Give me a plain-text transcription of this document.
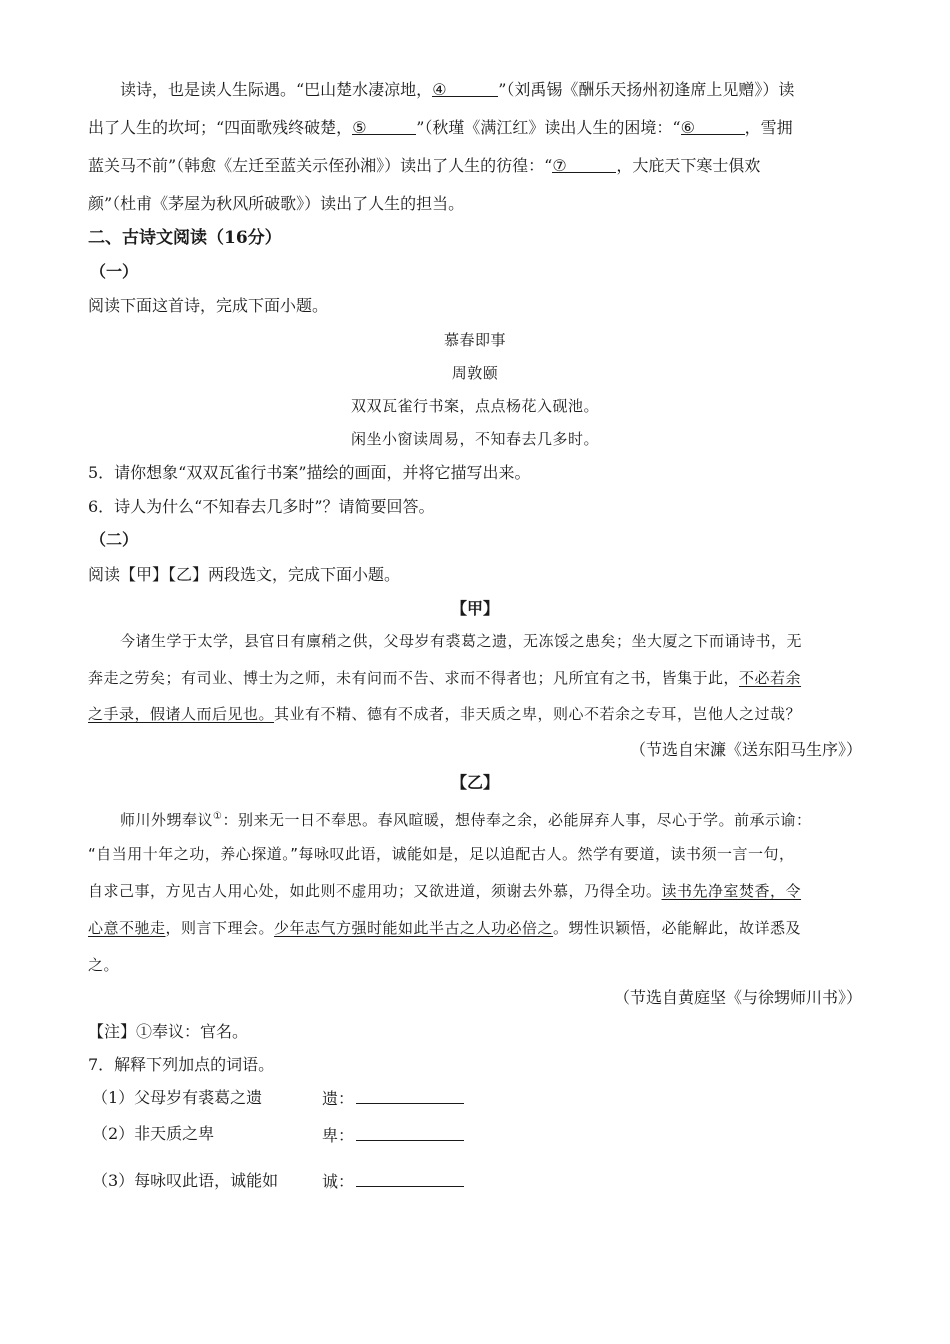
读诗，也是读人生际遇。“巴山楚水凄凉地，④	”（刘禹锡《酬乐天扬州初逢席上见赠》）读
出了人生的坎坷；“四面歌残终破楚，⑤	”（秋瑾《满江红》读出人生的困境：“⑥	，雪拥
蓝关马不前”（韩愈《左迁至蓝关示侄孙湘》）读出了人生的彷徨：“⑦	，大庇天下寒士俱欢
颜”（杜甫《茅屋为秋风所破歌》）读出了人生的担当。
二、古诗文阅读（16分）
（一）
阅读下面这首诗，完成下面小题。
慕春即事
周敦颐
双双瓦雀行书案，点点杨花入砚池。
闲坐小窗读周易，不知春去几多时。
5．请你想象“双双瓦雀行书案”描绘的画面，并将它描写出来。
6．诗人为什么“不知春去几多时”？请简要回答。
（二）
阅读【甲】【乙】两段选文，完成下面小题。
【甲】
今诸生学于太学，县官日有廪稍之供，父母岁有裘葛之遗，无冻馁之患矣；坐大厦之下而诵诗书，无
奔走之劳矣；有司业、博士为之师，未有问而不告、求而不得者也；凡所宜有之书，皆集于此，不必若余
之手录，假诸人而后见也。其业有不精、德有不成者，非天质之卑，则心不若余之专耳，岂他人之过哉？
（节选自宋濂《送东阳马生序》）
【乙】
师川外甥奉议①：别来无一日不奉思。春风暄暖，想侍奉之余，必能屏弃人事，尽心于学。前承示谕：
“自当用十年之功，养心探道。”每咏叹此语，诚能如是，足以追配古人。然学有要道，读书须一言一句，
自求己事，方见古人用心处，如此则不虚用功；又欲进道，须谢去外慕，乃得全功。读书先净室焚香，令
心意不驰走，则言下理会。少年志气方强时能如此半古之人功必倍之。甥性识颖悟，必能解此，故详悉及
之。
（节选自黄庭坚《与徐甥师川书》）
【注】①奉议：官名。
7．解释下列加点的词语。
（1）父母岁有裘葛之遗	遗：
（2）非天质之卑	卑：
（3）每咏叹此语，诚能如	诚：
